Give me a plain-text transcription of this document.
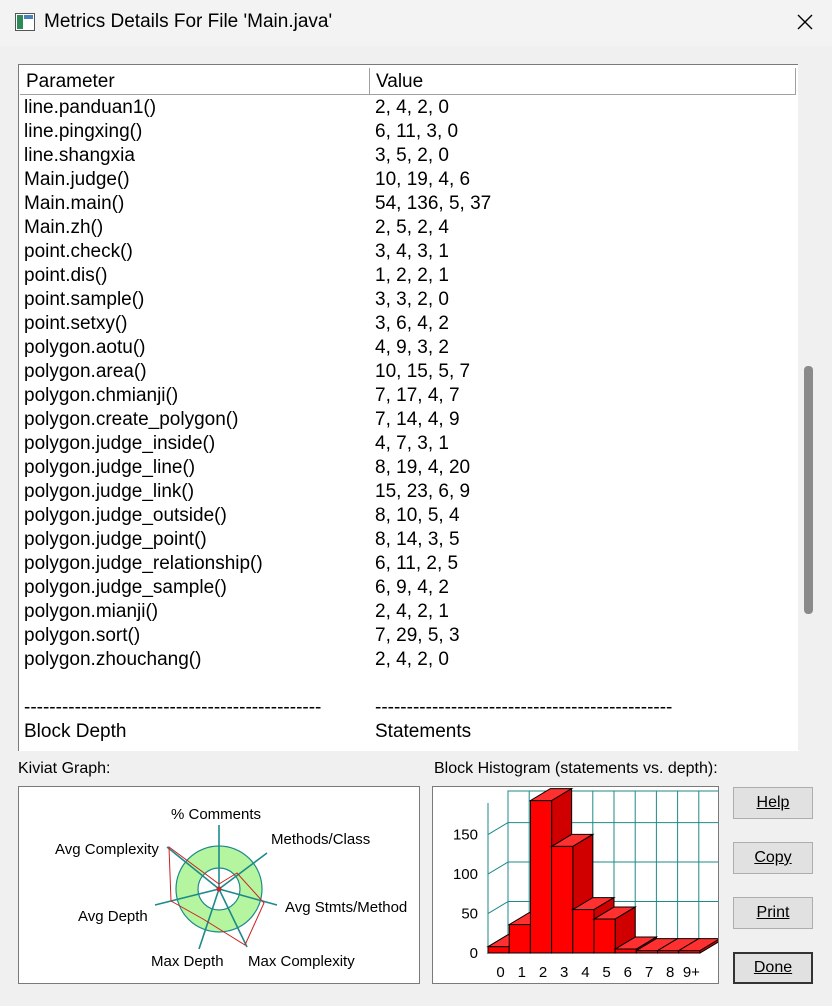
Metrics Details For File 'Main.java'
Parameter	Value
line.panduan1()	2, 4, 2, 0
line.pingxing()	6, 11, 3, 0
line.shangxia	3, 5, 2, 0
Main.judge()	10, 19, 4, 6
Main.main()	54, 136, 5, 37
Main.zh()	2, 5, 2, 4
point.check()	3, 4, 3, 1
point.dis()	1, 2, 2, 1
point.sample()	3, 3, 2, 0
point.setxy()	3, 6, 4, 2
polygon.aotu()	4, 9, 3, 2
polygon.area()	10, 15, 5, 7
polygon.chmianji()	7, 17, 4, 7
polygon.create_polygon()	7, 14, 4, 9
polygon.judge_inside()	4, 7, 3, 1
polygon.judge_line()	8, 19, 4, 20
polygon.judge_link()	15, 23, 6, 9
polygon.judge_outside()	8, 10, 5, 4
polygon.judge_point()	8, 14, 3, 5
polygon.judge_relationship()	6, 11, 2, 5
polygon.judge_sample()	6, 9, 4, 2
polygon.mianji()	2, 4, 2, 1
polygon.sort()	7, 29, 5, 3
polygon.zhouchang()	2, 4, 2, 0
-----------------------------------------------	-----------------------------------------------
Block Depth	Statements
Kiviat Graph:
% Comments
Methods/Class
Avg Stmts/Method
Max Complexity
Max Depth
Avg Depth
Avg Complexity
Block Histogram (statements vs. depth):
0
50
100
150
0 1 2 3 4 5 6 7 8 9+
Help
Copy
Print
Done
